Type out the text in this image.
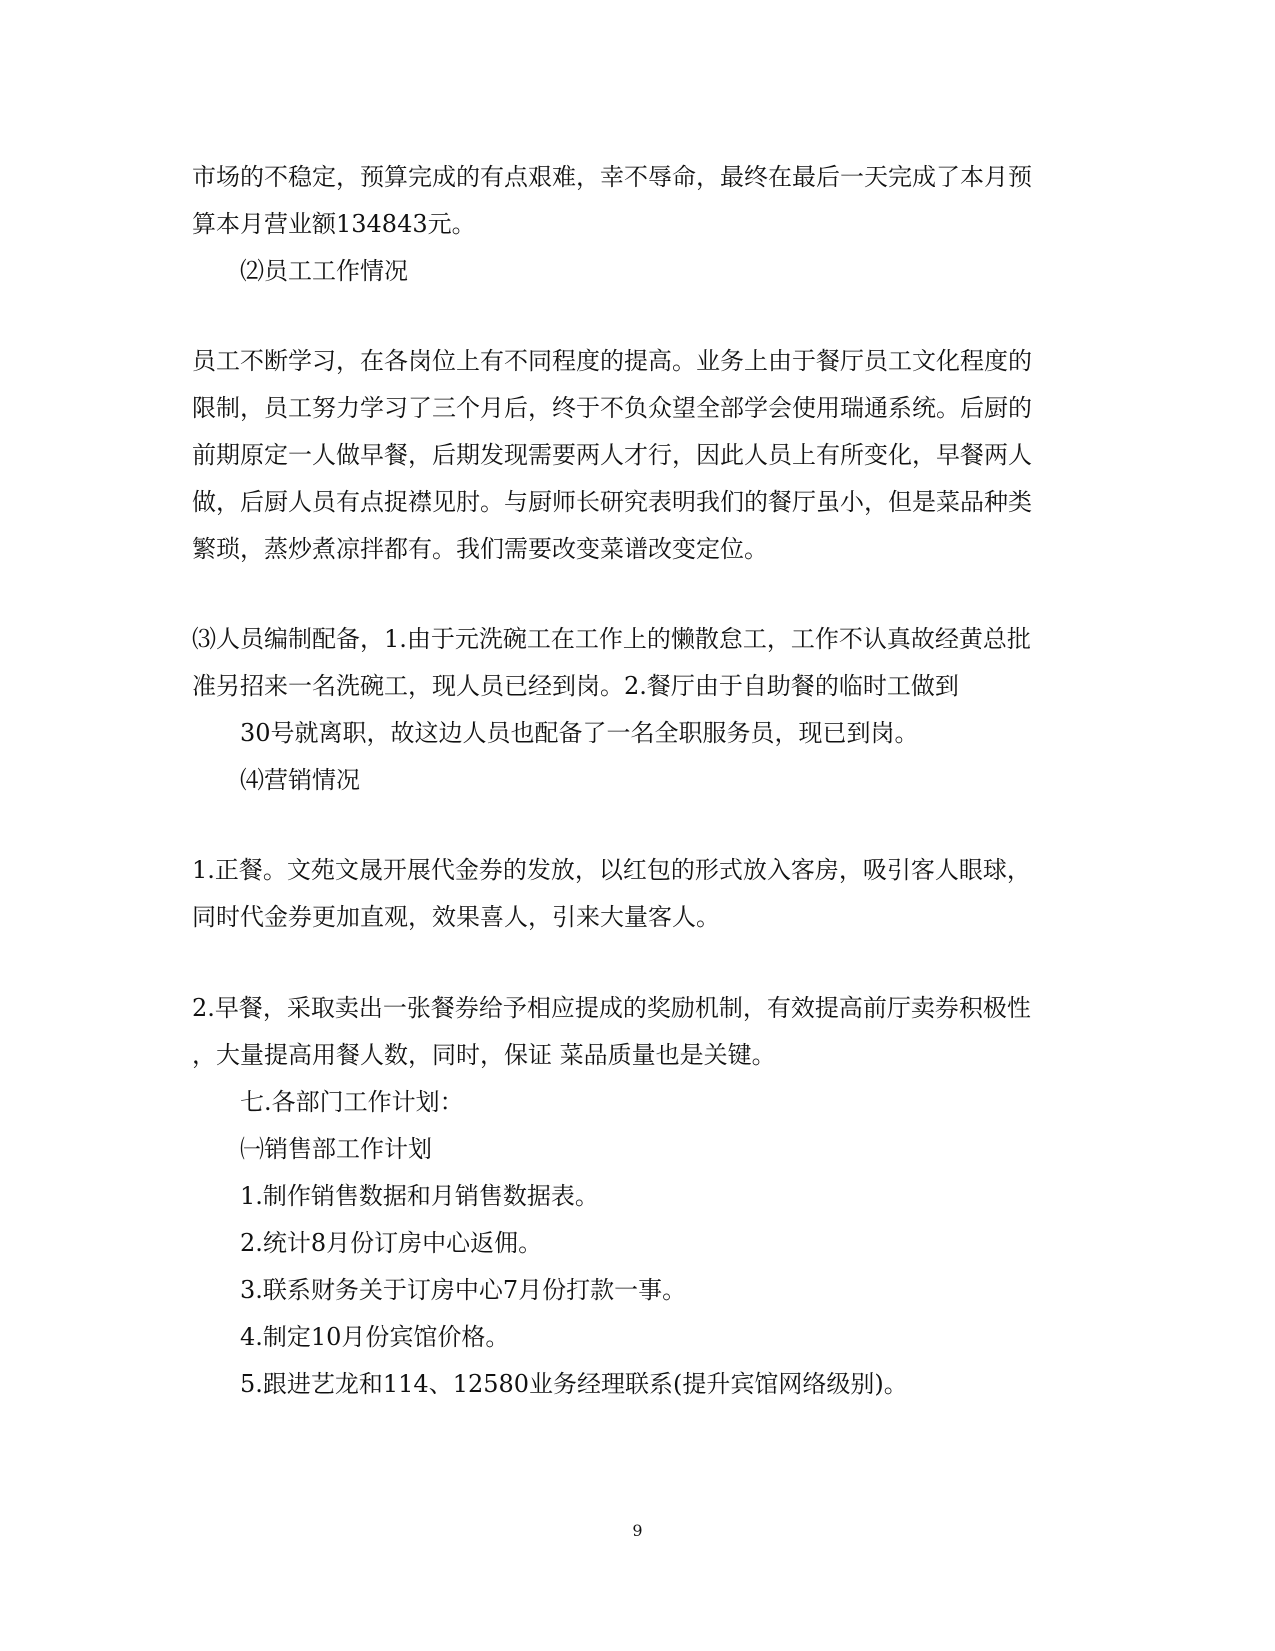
市场的不稳定，预算完成的有点艰难，幸不辱命，最终在最后一天完成了本月预
算本月营业额134843元。
⑵员工工作情况
员工不断学习，在各岗位上有不同程度的提高。业务上由于餐厅员工文化程度的
限制，员工努力学习了三个月后，终于不负众望全部学会使用瑞通系统。后厨的
前期原定一人做早餐，后期发现需要两人才行，因此人员上有所变化，早餐两人
做，后厨人员有点捉襟见肘。与厨师长研究表明我们的餐厅虽小，但是菜品种类
繁琐，蒸炒煮凉拌都有。我们需要改变菜谱改变定位。
⑶人员编制配备，1.由于元洗碗工在工作上的懒散怠工，工作不认真故经黄总批
准另招来一名洗碗工，现人员已经到岗。2.餐厅由于自助餐的临时工做到
30号就离职，故这边人员也配备了一名全职服务员，现已到岗。
⑷营销情况
1.正餐。文苑文晟开展代金券的发放，以红包的形式放入客房，吸引客人眼球，
同时代金券更加直观，效果喜人，引来大量客人。
2.早餐，采取卖出一张餐券给予相应提成的奖励机制，有效提高前厅卖券积极性
，大量提高用餐人数，同时，保证 菜品质量也是关键。
七.各部门工作计划：
㈠销售部工作计划
1.制作销售数据和月销售数据表。
2.统计8月份订房中心返佣。
3.联系财务关于订房中心7月份打款一事。
4.制定10月份宾馆价格。
5.跟进艺龙和114、12580业务经理联系(提升宾馆网络级别)。
9
